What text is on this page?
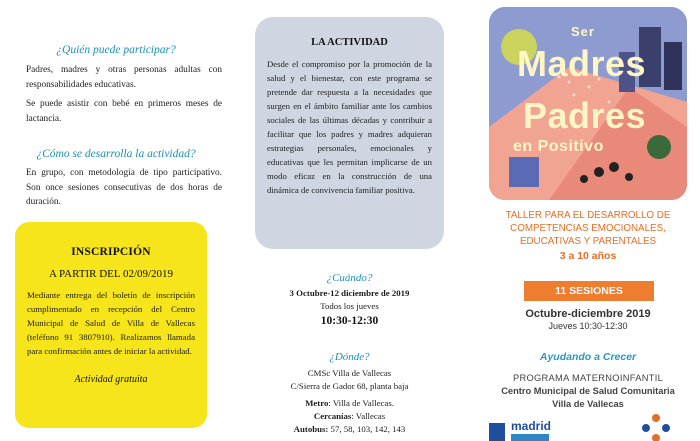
¿Quién puede participar?
Padres, madres y otras personas adultas con responsabilidades educativas.
Se puede asistir con bebé en primeros meses de lactancia.
¿Cómo se desarrolla la actividad?
En grupo, con metodología de tipo participativo. Son once sesiones consecutivas de dos horas de duración.
INSCRIPCIÓN
A PARTIR DEL 02/09/2019
Mediante entrega del boletín de inscripción cumplimentado en recepción del Centro Municipal de Salud de Villa de Vallecas (teléfono 91 3807910). Realizamos llamada para confirmación antes de iniciar la actividad.
Actividad gratuita
LA ACTIVIDAD
Desde el compromiso por la promoción de la salud y el bienestar, con este programa se pretende dar respuesta a la necesidades que surgen en el ámbito familiar ante los cambios sociales de las últimas décadas y contribuir a facilitar que los padres y madres adquieran estrategias personales, emocionales y educativas que les permitan implicarse de un modo eficaz en la construcción de una dinámica de convivencia familiar positiva.
¿Cuándo?
3 Octubre-12 diciembre de 2019
Todos los jueves
10:30-12:30
¿Dónde?
CMSc Villa de Vallecas
C/Sierra de Gador 68, planta baja
Metro: Villa de Vallecas.
Cercanías: Vallecas
Autobus: 57, 58, 103, 142, 143
Ser
Madres
Padres
en Positivo
TALLER PARA EL DESARROLLO DE COMPETENCIAS EMOCIONALES, EDUCATIVAS Y PARENTALES
3 a 10 años
11 SESIONES
Octubre-diciembre 2019
Jueves 10:30-12:30
Ayudando a Crecer
PROGRAMA MATERNOINFANTIL
Centro Municipal de Salud Comunitaria
Villa de Vallecas
madrid
